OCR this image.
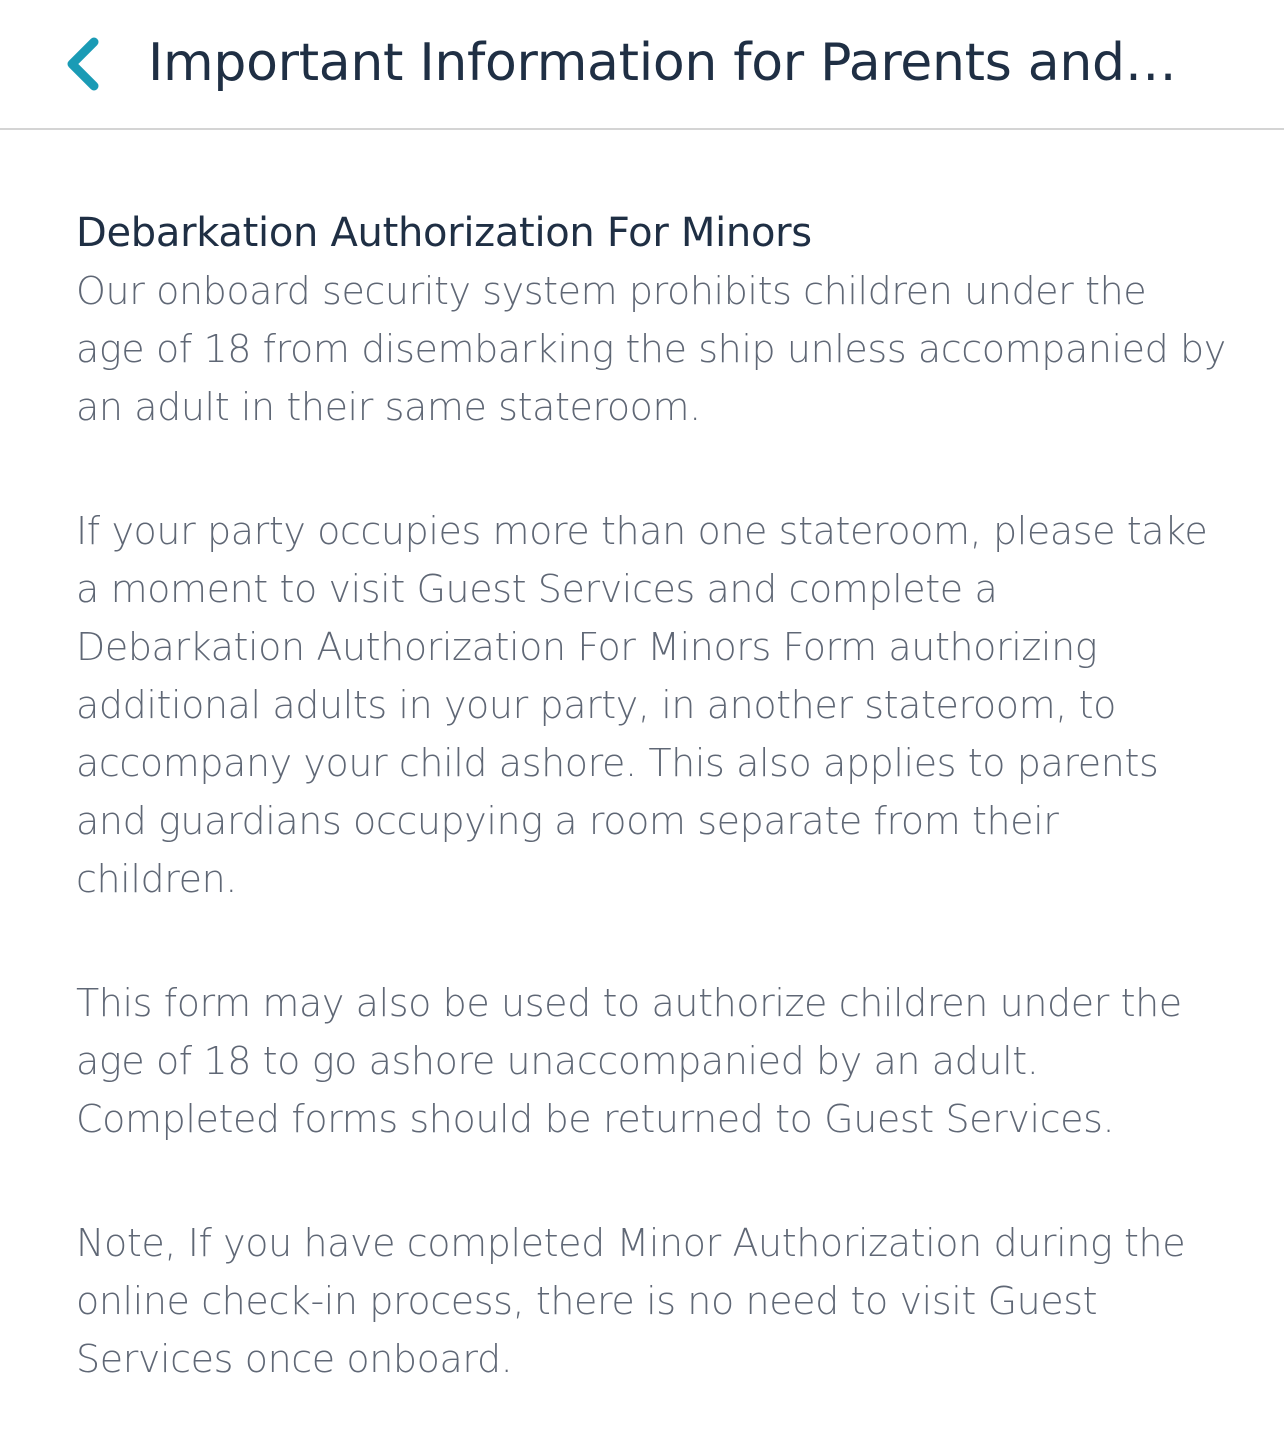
Important Information for Parents and…
Debarkation Authorization For Minors

Our onboard security system prohibits children under the age of 18 from disembarking the ship unless accompanied by an adult in their same stateroom.

If your party occupies more than one stateroom, please take a moment to visit Guest Services and complete a Debarkation Authorization For Minors Form authorizing additional adults in your party, in another stateroom, to accompany your child ashore. This also applies to parents and guardians occupying a room separate from their children.

This form may also be used to authorize children under the age of 18 to go ashore unaccompanied by an adult. Completed forms should be returned to Guest Services.

Note, If you have completed Minor Authorization during the online check-in process, there is no need to visit Guest Services once onboard.
